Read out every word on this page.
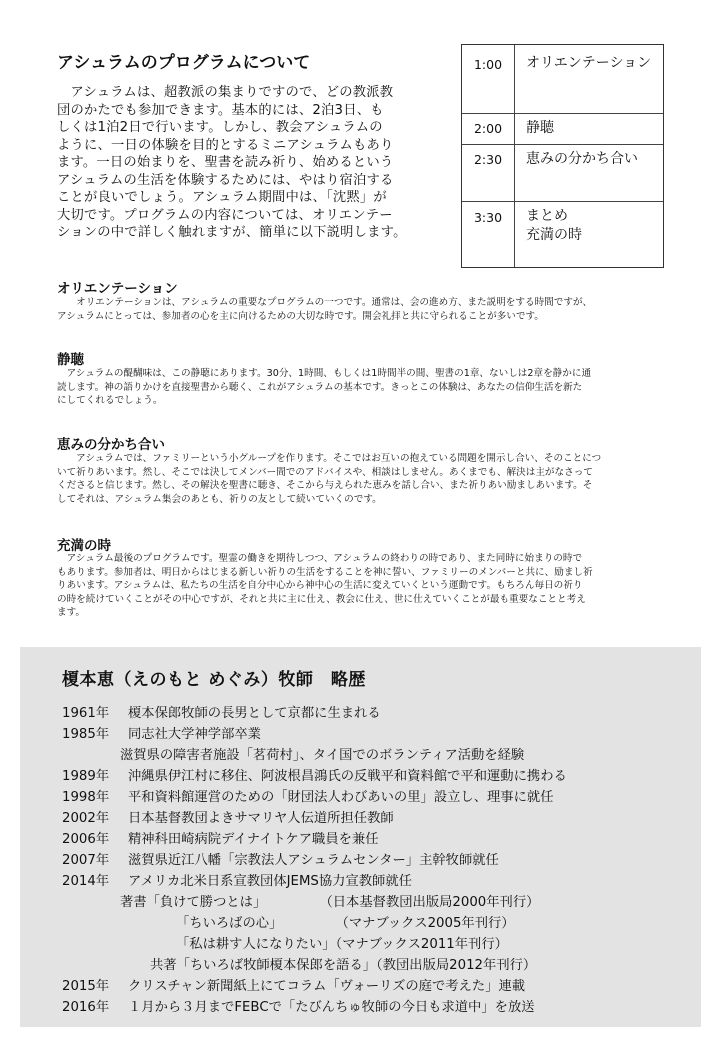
アシュラムのプログラムについて

　アシュラムは、超教派の集まりですので、どの教派教
団のかたでも参加できます。基本的には、2泊3日、も
しくは1泊2日で行います。しかし、教会アシュラムの
ように、一日の体験を目的とするミニアシュラムもあり
ます。一日の始まりを、聖書を読み祈り、始めるという
アシュラムの生活を体験するためには、やはり宿泊する
ことが良いでしょう。アシュラム期間中は、「沈黙」が
大切です。プログラムの内容については、オリエンテー
ションの中で詳しく触れますが、簡単に以下説明します。

1:00	オリエンテーション
2:00	静聴
2:30	恵みの分かち合い
3:30	まとめ
充満の時
オリエンテーション

　　オリエンテーションは、アシュラムの重要なプログラムの一つです。通常は、会の進め方、また説明をする時間ですが、
アシュラムにとっては、参加者の心を主に向けるための大切な時です。開会礼拝と共に守られることが多いです。

静聴

　アシュラムの醍醐味は、この静聴にあります。30分、1時間、もしくは1時間半の間、聖書の1章、ないしは2章を静かに通
読します。神の語りかけを直接聖書から聴く、これがアシュラムの基本です。きっとこの体験は、あなたの信仰生活を新た
にしてくれるでしょう。

恵みの分かち合い

　　アシュラムでは、ファミリーという小グループを作ります。そこではお互いの抱えている問題を開示し合い、そのことにつ
いて祈りあいます。然し、そこでは決してメンバー間でのアドバイスや、相談はしません。あくまでも、解決は主がなさって
くださると信じます。然し、その解決を聖書に聴き、そこから与えられた恵みを話し合い、また祈りあい励ましあいます。そ
してそれは、アシュラム集会のあとも、祈りの友として続いていくのです。

充満の時

　アシュラム最後のプログラムです。聖霊の働きを期待しつつ、アシュラムの終わりの時であり、また同時に始まりの時で
もあります。参加者は、明日からはじまる新しい祈りの生活をすることを神に誓い、ファミリーのメンバーと共に、励まし祈
りあいます。アシュラムは、私たちの生活を自分中心から神中心の生活に変えていくという運動です。もちろん毎日の祈り
の時を続けていくことがその中心ですが、それと共に主に仕え、教会に仕え、世に仕えていくことが最も重要なことと考え
ます。

榎本恵（えのもと めぐみ）牧師　略歴
1961年 榎本保郎牧師の長男として京都に生まれる
1985年 同志社大学神学部卒業
滋賀県の障害者施設「茗荷村」、タイ国でのボランティア活動を経験
1989年 沖縄県伊江村に移住、阿波根昌鴻氏の反戦平和資料館で平和運動に携わる
1998年 平和資料館運営のための「財団法人わびあいの里」設立し、理事に就任
2002年 日本基督教団よきサマリヤ人伝道所担任教師
2006年 精神科田崎病院デイナイトケア職員を兼任
2007年 滋賀県近江八幡「宗教法人アシュラムセンター」主幹牧師就任
2014年 アメリカ北米日系宣教団体JEMS協力宣教師就任
著書「負けて勝つとは」　　　　　（日本基督教団出版局2000年刊行）
「ちいろばの心」　　　　　（マナブックス2005年刊行）
「私は耕す人になりたい」（マナブックス2011年刊行）
共著「ちいろば牧師榎本保郎を語る」（教団出版局2012年刊行）
2015年 クリスチャン新聞紙上にてコラム「ヴォーリズの庭で考えた」連載
2016年 １月から３月までFEBCで「たびんちゅ牧師の今日も求道中」を放送
